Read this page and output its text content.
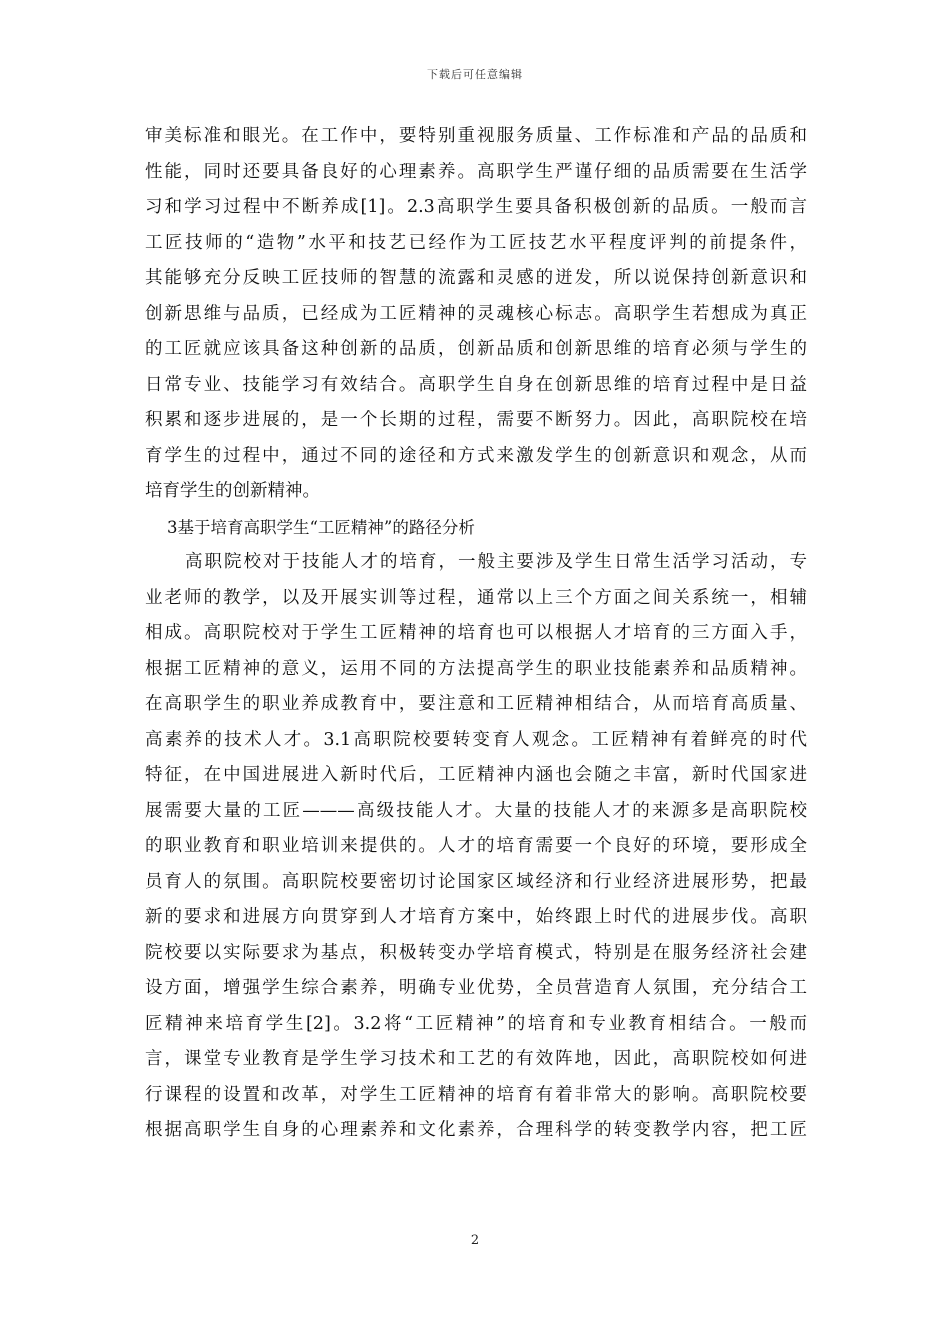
下载后可任意编辑
审美标准和眼光。在工作中，要特别重视服务质量、工作标准和产品的品质和
性能，同时还要具备良好的心理素养。高职学生严谨仔细的品质需要在生活学
习和学习过程中不断养成[1]。2.3高职学生要具备积极创新的品质。一般而言
工匠技师的“造物”水平和技艺已经作为工匠技艺水平程度评判的前提条件，
其能够充分反映工匠技师的智慧的流露和灵感的迸发，所以说保持创新意识和
创新思维与品质，已经成为工匠精神的灵魂核心标志。高职学生若想成为真正
的工匠就应该具备这种创新的品质，创新品质和创新思维的培育必须与学生的
日常专业、技能学习有效结合。高职学生自身在创新思维的培育过程中是日益
积累和逐步进展的，是一个长期的过程，需要不断努力。因此，高职院校在培
育学生的过程中，通过不同的途径和方式来激发学生的创新意识和观念，从而
培育学生的创新精神。
3基于培育高职学生“工匠精神”的路径分析
高职院校对于技能人才的培育，一般主要涉及学生日常生活学习活动，专
业老师的教学，以及开展实训等过程，通常以上三个方面之间关系统一，相辅
相成。高职院校对于学生工匠精神的培育也可以根据人才培育的三方面入手，
根据工匠精神的意义，运用不同的方法提高学生的职业技能素养和品质精神。
在高职学生的职业养成教育中，要注意和工匠精神相结合，从而培育高质量、
高素养的技术人才。3.1高职院校要转变育人观念。工匠精神有着鲜亮的时代
特征，在中国进展进入新时代后，工匠精神内涵也会随之丰富，新时代国家进
展需要大量的工匠———高级技能人才。大量的技能人才的来源多是高职院校
的职业教育和职业培训来提供的。人才的培育需要一个良好的环境，要形成全
员育人的氛围。高职院校要密切讨论国家区域经济和行业经济进展形势，把最
新的要求和进展方向贯穿到人才培育方案中，始终跟上时代的进展步伐。高职
院校要以实际要求为基点，积极转变办学培育模式，特别是在服务经济社会建
设方面，增强学生综合素养，明确专业优势，全员营造育人氛围，充分结合工
匠精神来培育学生[2]。3.2将“工匠精神”的培育和专业教育相结合。一般而
言，课堂专业教育是学生学习技术和工艺的有效阵地，因此，高职院校如何进
行课程的设置和改革，对学生工匠精神的培育有着非常大的影响。高职院校要
根据高职学生自身的心理素养和文化素养，合理科学的转变教学内容，把工匠
2
